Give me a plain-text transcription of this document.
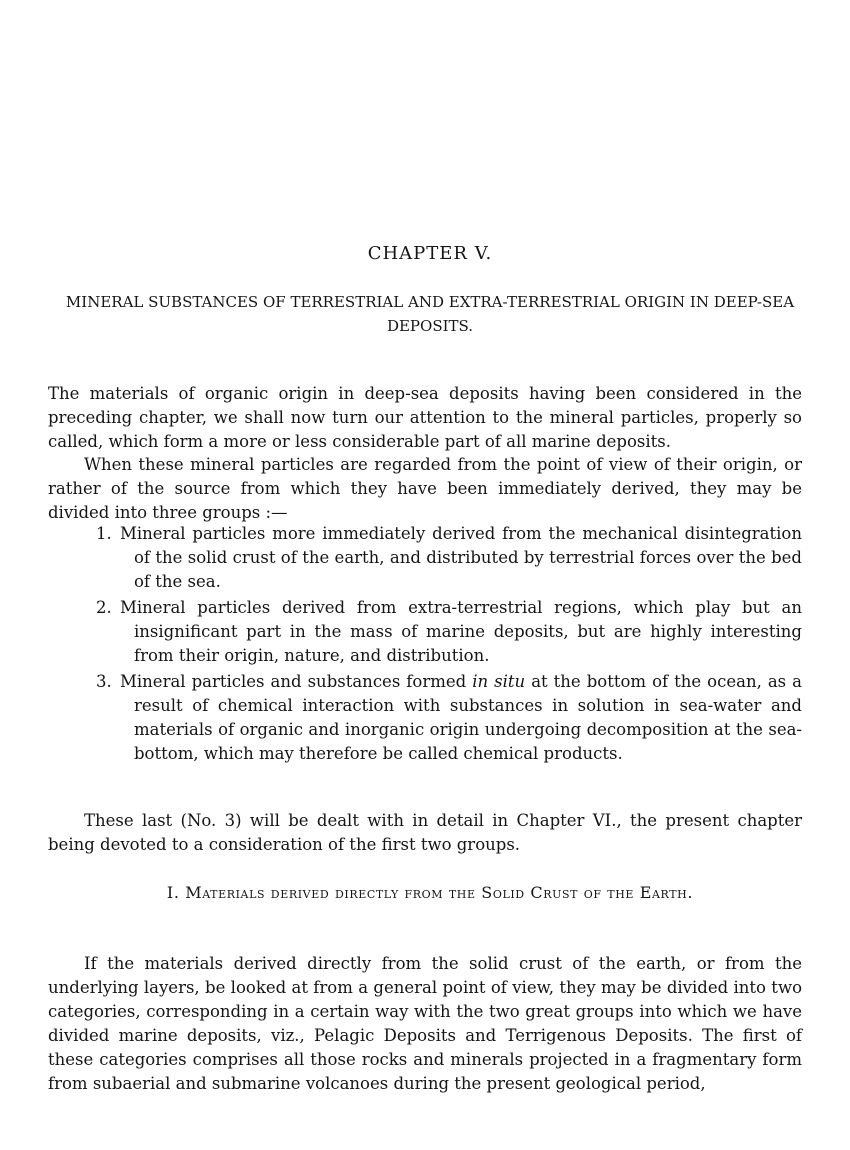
CHAPTER V.
MINERAL SUBSTANCES OF TERRESTRIAL AND EXTRA-TERRESTRIAL ORIGIN IN DEEP-SEA DEPOSITS.

The materials of organic origin in deep-sea deposits having been considered in the preceding chapter, we shall now turn our attention to the mineral particles, properly so called, which form a more or less considerable part of all marine deposits.

When these mineral particles are regarded from the point of view of their origin, or rather of the source from which they have been immediately derived, they may be divided into three groups :—

1. Mineral particles more immediately derived from the mechanical disintegration of the solid crust of the earth, and distributed by terrestrial forces over the bed of the sea.
2. Mineral particles derived from extra-terrestrial regions, which play but an insignificant part in the mass of marine deposits, but are highly interesting from their origin, nature, and distribution.
3. Mineral particles and substances formed in situ at the bottom of the ocean, as a result of chemical interaction with substances in solution in sea-water and materials of organic and inorganic origin undergoing decomposition at the sea-bottom, which may therefore be called chemical products.

These last (No. 3) will be dealt with in detail in Chapter VI., the present chapter being devoted to a consideration of the first two groups.

I. Materials derived directly from the Solid Crust of the Earth.

If the materials derived directly from the solid crust of the earth, or from the underlying layers, be looked at from a general point of view, they may be divided into two categories, corresponding in a certain way with the two great groups into which we have divided marine deposits, viz., Pelagic Deposits and Terrigenous Deposits. The first of these categories comprises all those rocks and minerals projected in a fragmentary form from subaerial and submarine volcanoes during the present geological period,
